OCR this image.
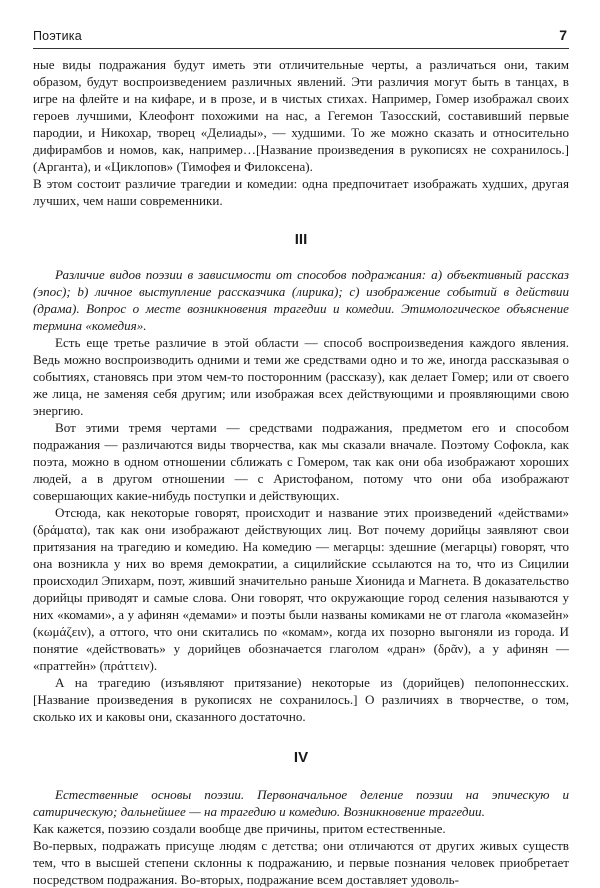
Поэтика	7

ные виды подражания будут иметь эти отличительные черты, а различаться они, таким образом, будут воспроизведением различных явлений. Эти различия могут быть в танцах, в игре на флейте и на кифаре, и в прозе, и в чистых стихах. Например, Гомер изображал своих героев лучшими, Клеофонт похожими на нас, а Гегемон Тазосский, составивший первые пародии, и Никохар, творец «Делиады», — худшими. То же можно сказать и относительно дифирамбов и номов, как, например…[Название произведения в рукописях не сохранилось.] (Арганта), и «Циклопов» (Тимофея и Филоксена).

В этом состоит различие трагедии и комедии: одна предпочитает изображать худших, другая лучших, чем наши современники.

III

Различие видов поэзии в зависимости от способов подражания: a) объективный рассказ (эпос); b) личное выступление рассказчика (лирика); c) изображение событий в действии (драма). Вопрос о месте возникновения трагедии и комедии. Этимологическое объяснение термина «комедия».

Есть еще третье различие в этой области — способ воспроизведения каждого явления. Ведь можно воспроизводить одними и теми же средствами одно и то же, иногда рассказывая о событиях, становясь при этом чем-то посторонним (рассказу), как делает Гомер; или от своего же лица, не заменяя себя другим; или изображая всех действующими и проявляющими свою энергию.

Вот этими тремя чертами — средствами подражания, предметом его и способом подражания — различаются виды творчества, как мы сказали вначале. Поэтому Софокла, как поэта, можно в одном отношении сближать с Гомером, так как они оба изображают хороших людей, а в другом отношении — с Аристофаном, потому что они оба изображают совершающих какие-нибудь поступки и действующих.

Отсюда, как некоторые говорят, происходит и название этих произведений «действами» (δράματα), так как они изображают действующих лиц. Вот почему дорийцы заявляют свои притязания на трагедию и комедию. На комедию — мегарцы: здешние (мегарцы) говорят, что она возникла у них во время демократии, а сицилийские ссылаются на то, что из Сицилии происходил Эпихарм, поэт, живший значительно раньше Хионида и Магнета. В доказательство дорийцы приводят и самые слова. Они говорят, что окружающие город селения называются у них «комами», а у афинян «демами» и поэты были названы комиками не от глагола «комазейн» (κωμάζειν), а оттого, что они скитались по «комам», когда их позорно выгоняли из города. И понятие «действовать» у дорийцев обозначается глаголом «дран» (δρᾶν), а у афинян — «праттейн» (πράττειν).

А на трагедию (изъявляют притязание) некоторые из (дорийцев) пелопоннесских. [Название произведения в рукописях не сохранилось.] О различиях в творчестве, о том, сколько их и каковы они, сказанного достаточно.

IV

Естественные основы поэзии. Первоначальное деление поэзии на эпическую и сатирическую; дальнейшее — на трагедию и комедию. Возникновение трагедии.

Как кажется, поэзию создали вообще две причины, притом естественные.

Во-первых, подражать присуще людям с детства; они отличаются от других живых существ тем, что в высшей степени склонны к подражанию, и первые познания человек приобретает посредством подражания. Во-вторых, подражание всем доставляет удоволь-
